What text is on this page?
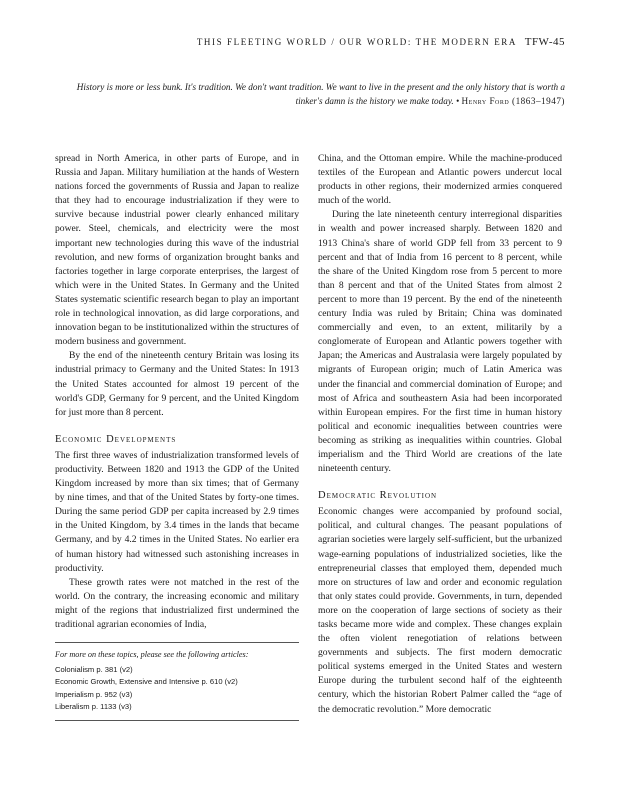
THIS FLEETING WORLD / OUR WORLD: THE MODERN ERA TFW-45
History is more or less bunk. It's tradition. We don't want tradition. We want to live in the present and the only history that is worth a tinker's damn is the history we make today. • Henry Ford (1863–1947)

spread in North America, in other parts of Europe, and in Russia and Japan. Military humiliation at the hands of Western nations forced the governments of Russia and Japan to realize that they had to encourage industrialization if they were to survive because industrial power clearly enhanced military power. Steel, chemicals, and electricity were the most important new technologies during this wave of the industrial revolution, and new forms of organization brought banks and factories together in large corporate enterprises, the largest of which were in the United States. In Germany and the United States systematic scientific research began to play an important role in technological innovation, as did large corporations, and innovation began to be institutionalized within the structures of modern business and government.

By the end of the nineteenth century Britain was losing its industrial primacy to Germany and the United States: In 1913 the United States accounted for almost 19 percent of the world's GDP, Germany for 9 percent, and the United Kingdom for just more than 8 percent.

Economic Developments

The first three waves of industrialization transformed levels of productivity. Between 1820 and 1913 the GDP of the United Kingdom increased by more than six times; that of Germany by nine times, and that of the United States by forty-one times. During the same period GDP per capita increased by 2.9 times in the United Kingdom, by 3.4 times in the lands that became Germany, and by 4.2 times in the United States. No earlier era of human history had witnessed such astonishing increases in productivity.

These growth rates were not matched in the rest of the world. On the contrary, the increasing economic and military might of the regions that industrialized first undermined the traditional agrarian economies of India,

For more on these topics, please see the following articles:
Colonialism p. 381 (v2)
Economic Growth, Extensive and Intensive p. 610 (v2)
Imperialism p. 952 (v3)
Liberalism p. 1133 (v3)

China, and the Ottoman empire. While the machine-produced textiles of the European and Atlantic powers undercut local products in other regions, their modernized armies conquered much of the world.

During the late nineteenth century interregional disparities in wealth and power increased sharply. Between 1820 and 1913 China's share of world GDP fell from 33 percent to 9 percent and that of India from 16 percent to 8 percent, while the share of the United Kingdom rose from 5 percent to more than 8 percent and that of the United States from almost 2 percent to more than 19 percent. By the end of the nineteenth century India was ruled by Britain; China was dominated commercially and even, to an extent, militarily by a conglomerate of European and Atlantic powers together with Japan; the Americas and Australasia were largely populated by migrants of European origin; much of Latin America was under the financial and commercial domination of Europe; and most of Africa and southeastern Asia had been incorporated within European empires. For the first time in human history political and economic inequalities between countries were becoming as striking as inequalities within countries. Global imperialism and the Third World are creations of the late nineteenth century.

Democratic Revolution

Economic changes were accompanied by profound social, political, and cultural changes. The peasant populations of agrarian societies were largely self-sufficient, but the urbanized wage-earning populations of industrialized societies, like the entrepreneurial classes that employed them, depended much more on structures of law and order and economic regulation that only states could provide. Governments, in turn, depended more on the cooperation of large sections of society as their tasks became more wide and complex. These changes explain the often violent renegotiation of relations between governments and subjects. The first modern democratic political systems emerged in the United States and western Europe during the turbulent second half of the eighteenth century, which the historian Robert Palmer called the “age of the democratic revolution.” More democratic
